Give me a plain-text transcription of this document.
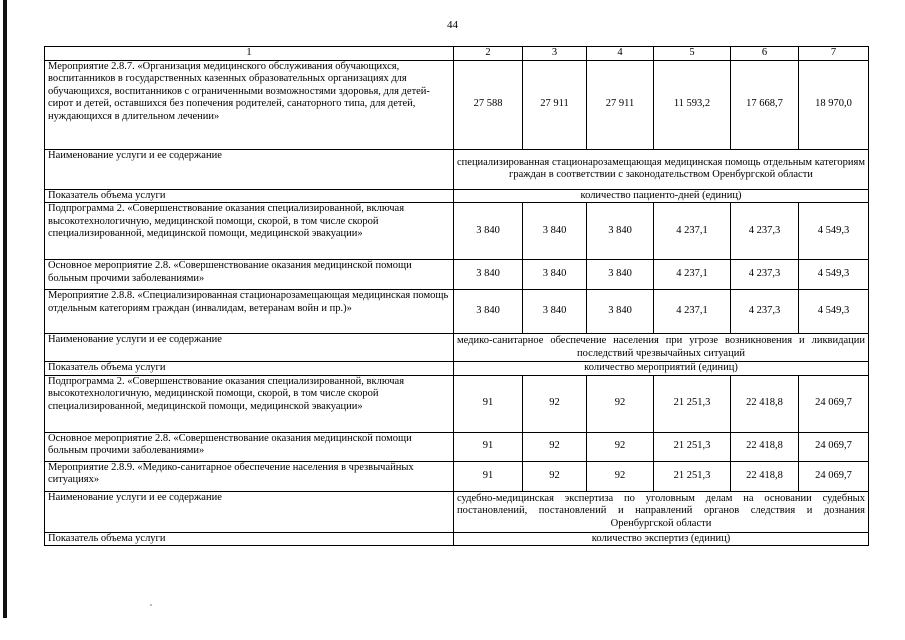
44
1	2	3	4	5	6	7
Мероприятие 2.8.7. «Организация медицинского обслуживания обучающихся, воспитанников в государственных казенных образовательных организациях для обучающихся, воспитанников с ограниченными возможностями здоровья, для детей-сирот и детей, оставшихся без попечения родителей, санаторного типа, для детей, нуждающихся в длительном лечении»	27 588	27 911	27 911	11 593,2	17 668,7	18 970,0
Наименование услуги и ее содержание	специализированная стационарозамещающая медицинская помощь отдельным категориям граждан в соответствии с законодательством Оренбургской области					
Показатель объема услуги	количество пациенто-дней (единиц)					
Подпрограмма 2. «Совершенствование оказания специализированной, включая высокотехнологичную, медицинской помощи, скорой, в том числе скорой специализированной, медицинской помощи, медицинской эвакуации»	3 840	3 840	3 840	4 237,1	4 237,3	4 549,3
Основное мероприятие 2.8. «Совершенствование оказания медицинской помощи больным прочими заболеваниями»	3 840	3 840	3 840	4 237,1	4 237,3	4 549,3
Мероприятие 2.8.8. «Специализированная стационарозамещающая медицинская помощь отдельным категориям граждан (инвалидам, ветеранам войн и пр.)»	3 840	3 840	3 840	4 237,1	4 237,3	4 549,3
Наименование услуги и ее содержание	медико-санитарное обеспечение населения при угрозе возникновения и ликвидации последствий чрезвычайных ситуаций					
Показатель объема услуги	количество мероприятий (единиц)					
Подпрограмма 2. «Совершенствование оказания специализированной, включая высокотехнологичную, медицинской помощи, скорой, в том числе скорой специализированной, медицинской помощи, медицинской эвакуации»	91	92	92	21 251,3	22 418,8	24 069,7
Основное мероприятие 2.8. «Совершенствование оказания медицинской помощи больным прочими заболеваниями»	91	92	92	21 251,3	22 418,8	24 069,7
Мероприятие 2.8.9. «Медико-санитарное обеспечение населения в чрезвычайных ситуациях»	91	92	92	21 251,3	22 418,8	24 069,7
Наименование услуги и ее содержание	судебно-медицинская экспертиза по уголовным делам на основании судебных постановлений, постановлений и направлений органов следствия и дознания Оренбургской области					
Показатель объема услуги	количество экспертиз (единиц)					
